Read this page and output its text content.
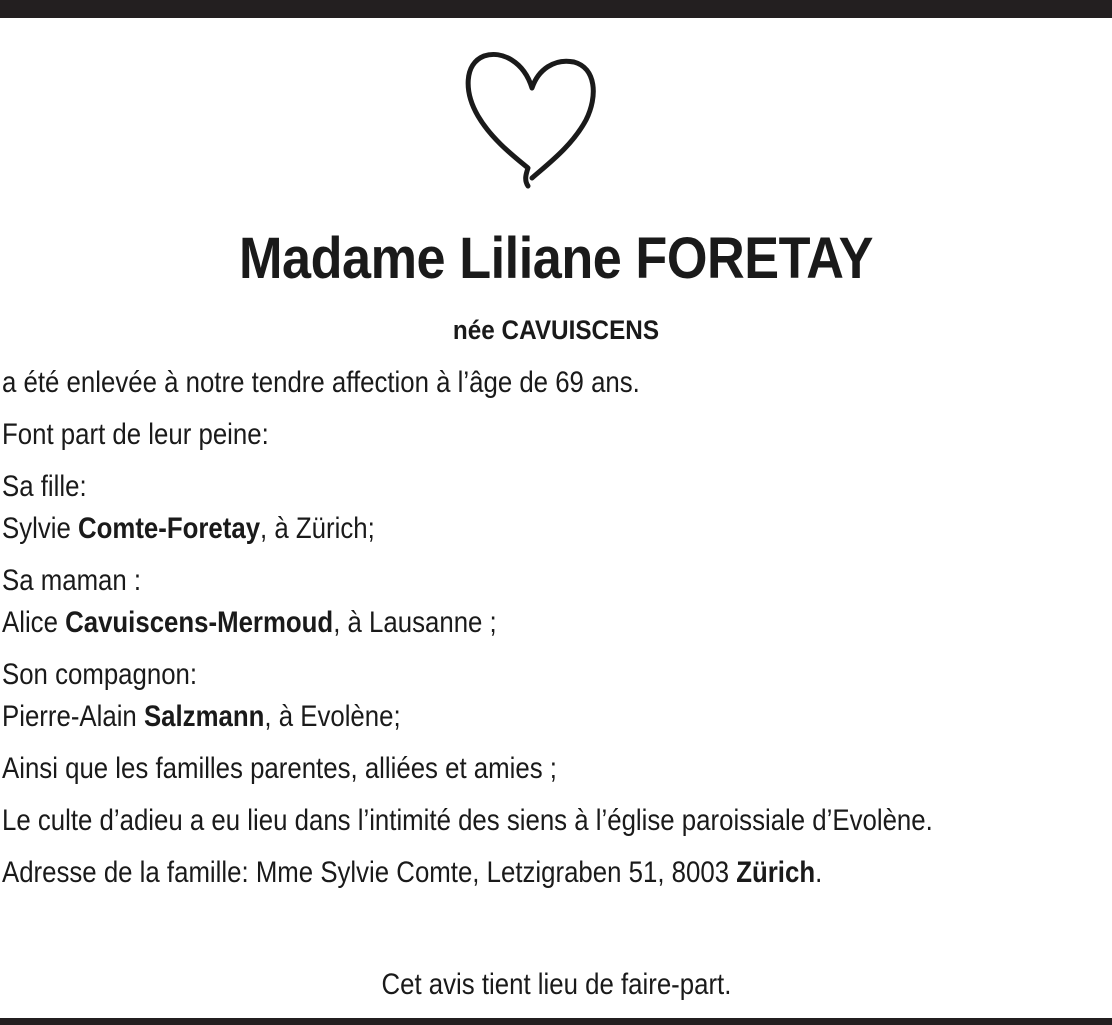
Madame Liliane FORETAY
née CAVUISCENS

a été enlevée à notre tendre affection à l’âge de 69 ans.

Font part de leur peine:

Sa fille:
Sylvie Comte-Foretay, à Zürich;

Sa maman :
Alice Cavuiscens-Mermoud, à Lausanne ;

Son compagnon:
Pierre-Alain Salzmann, à Evolène;

Ainsi que les familles parentes, alliées et amies ;

Le culte d’adieu a eu lieu dans l’intimité des siens à l’église paroissiale d’Evolène.

Adresse de la famille: Mme Sylvie Comte, Letzigraben 51, 8003 Zürich.

Cet avis tient lieu de faire-part.
